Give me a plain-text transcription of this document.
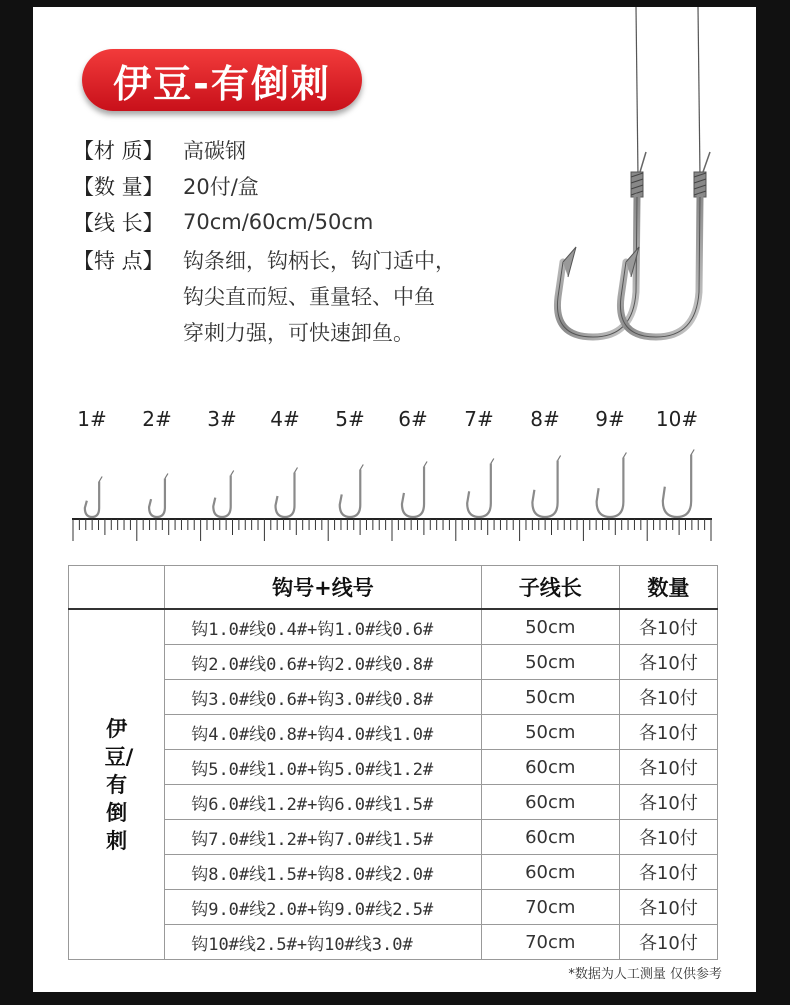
伊豆-有倒刺
【材 质】 高碳钢
【数 量】 20付/盒
【线 长】 70cm/60cm/50cm
【特 点】 钩条细，钩柄长，钩门适中，
钩尖直而短、重量轻、中鱼
穿刺力强，可快速卸鱼。
1# 2# 3# 4# 5# 6# 7# 8# 9# 10#
	钩号+线号	子线长	数量
伊豆/有倒刺	钩1.0#线0.4#+钩1.0#线0.6#	50cm	各10付
	钩2.0#线0.6#+钩2.0#线0.8#	50cm	各10付
	钩3.0#线0.6#+钩3.0#线0.8#	50cm	各10付
	钩4.0#线0.8#+钩4.0#线1.0#	50cm	各10付
	钩5.0#线1.0#+钩5.0#线1.2#	60cm	各10付
	钩6.0#线1.2#+钩6.0#线1.5#	60cm	各10付
	钩7.0#线1.2#+钩7.0#线1.5#	60cm	各10付
	钩8.0#线1.5#+钩8.0#线2.0#	60cm	各10付
	钩9.0#线2.0#+钩9.0#线2.5#	70cm	各10付
	钩10#线2.5#+钩10#线3.0#	70cm	各10付
*数据为人工测量 仅供参考
